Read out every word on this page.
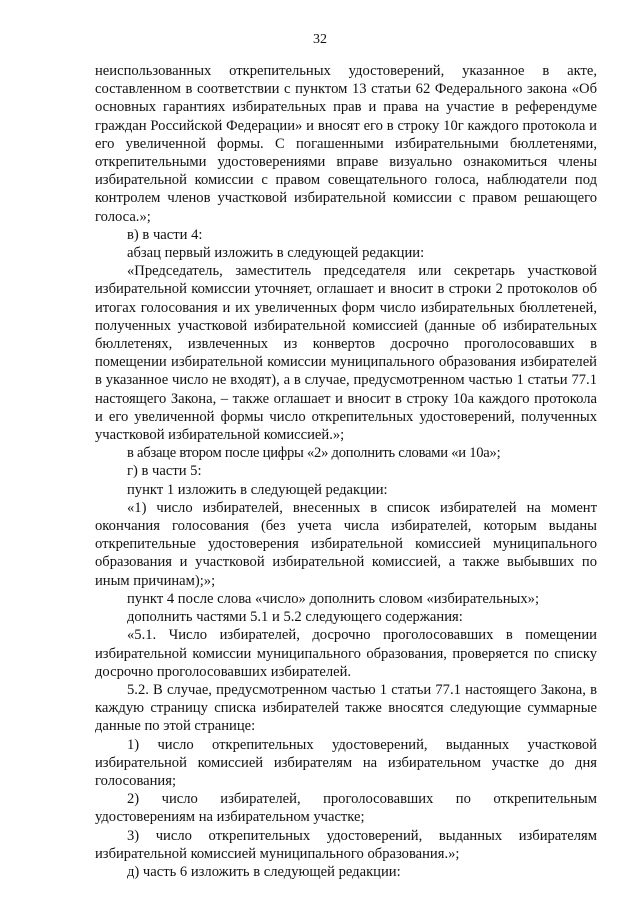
32

неиспользованных открепительных удостоверений, указанное в акте, составленном в соответствии с пунктом 13 статьи 62 Федерального закона «Об основных гарантиях избирательных прав и права на участие в референдуме граждан Российской Федерации» и вносят его в строку 10г каждого протокола и его увеличенной формы. С погашенными избирательными бюллетенями, открепительными удостоверениями вправе визуально ознакомиться члены избирательной комиссии с правом совещательного голоса, наблюдатели под контролем членов участковой избирательной комиссии с правом решающего голоса.»;

в) в части 4:

абзац первый изложить в следующей редакции:

«Председатель, заместитель председателя или секретарь участковой избирательной комиссии уточняет, оглашает и вносит в строки 2 протоколов об итогах голосования и их увеличенных форм число избирательных бюллетеней, полученных участковой избирательной комиссией (данные об избирательных бюллетенях, извлеченных из конвертов досрочно проголосовавших в помещении избирательной комиссии муниципального образования избирателей в указанное число не входят), а в случае, предусмотренном частью 1 статьи 77.1 настоящего Закона, – также оглашает и вносит в строку 10а каждого протокола и его увеличенной формы число открепительных удостоверений, полученных участковой избирательной комиссией.»;

в абзаце втором после цифры «2» дополнить словами «и 10а»;

г) в части 5:

пункт 1 изложить в следующей редакции:

«1) число избирателей, внесенных в список избирателей на момент окончания голосования (без учета числа избирателей, которым выданы открепительные удостоверения избирательной комиссией муниципального образования и участковой избирательной комиссией, а также выбывших по иным причинам);»;

пункт 4 после слова «число» дополнить словом «избирательных»;

дополнить частями 5.1 и 5.2 следующего содержания:

«5.1. Число избирателей, досрочно проголосовавших в помещении избирательной комиссии муниципального образования, проверяется по списку досрочно проголосовавших избирателей.

5.2. В случае, предусмотренном частью 1 статьи 77.1 настоящего Закона, в каждую страницу списка избирателей также вносятся следующие суммарные данные по этой странице:

1) число открепительных удостоверений, выданных участковой избирательной комиссией избирателям на избирательном участке до дня голосования;

2) число избирателей, проголосовавших по открепительным удостоверениям на избирательном участке;

3) число открепительных удостоверений, выданных избирателям избирательной комиссией муниципального образования.»;

д) часть 6 изложить в следующей редакции:
